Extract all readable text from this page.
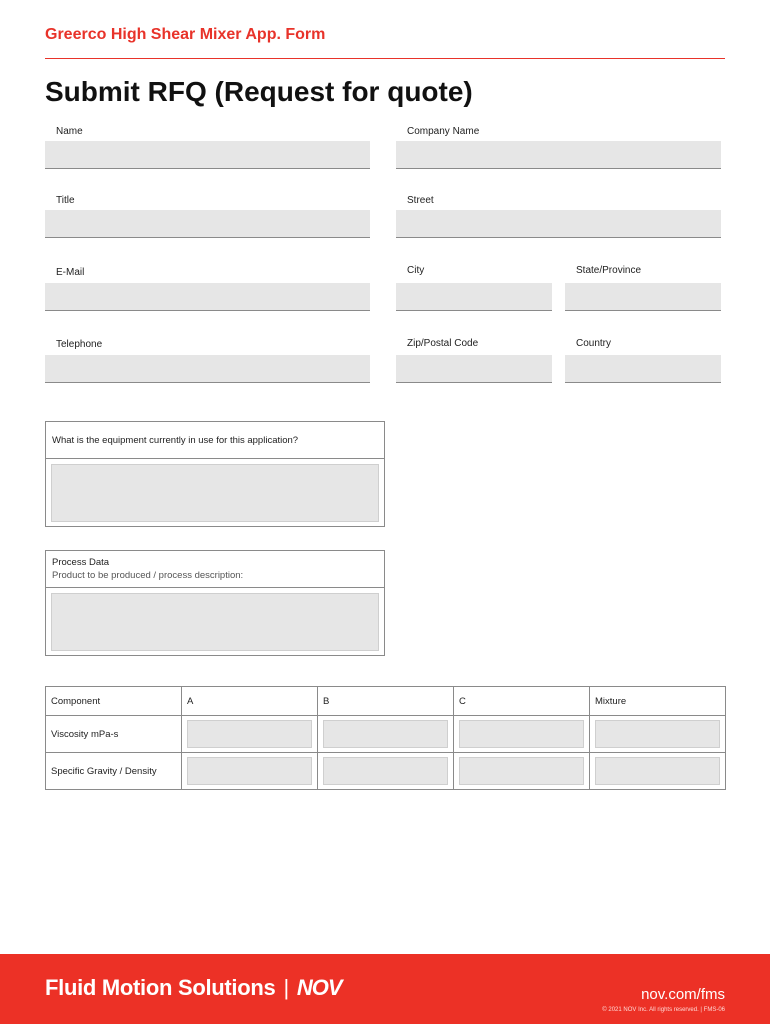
Greerco High Shear Mixer App. Form
Submit RFQ (Request for quote)
Name	Company Name
Title	Street
E-Mail	City	State/Province
Telephone	Zip/Postal Code	Country
What is the equipment currently in use for this application?
Process Data
Product to be produced / process description:
Component	A	B	C	Mixture
Viscosity mPa-s	

Specific Gravity / Density	

Fluid Motion Solutions | NOV	nov.com/fms
© 2021 NOV Inc. All rights reserved. | FMS-06
